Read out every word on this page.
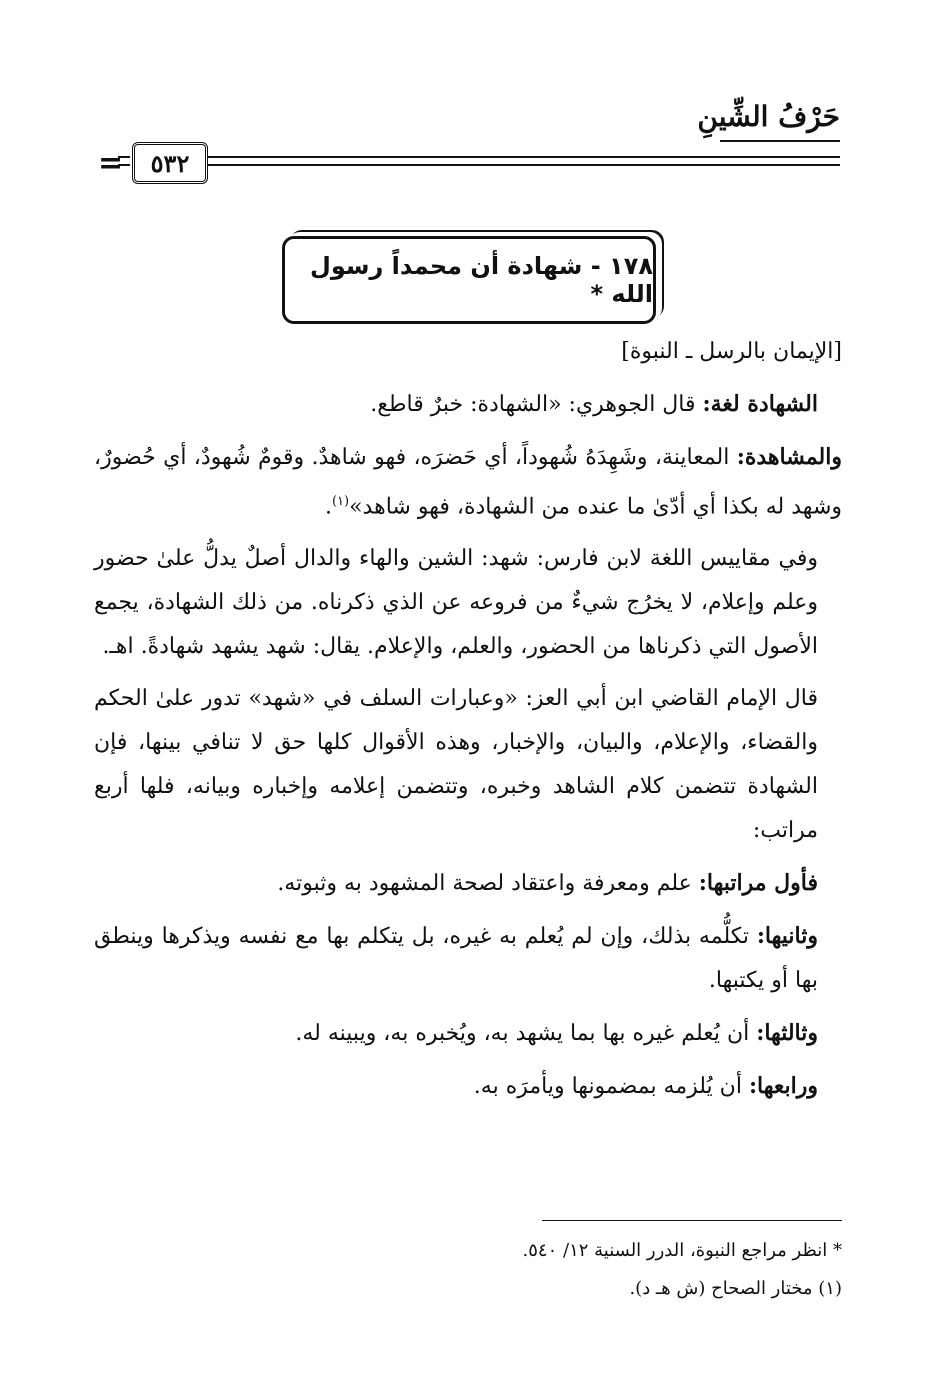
حَرْفُ الشِّينِ
= ٥٣٢
١٧٨ - شهادة أن محمداً رسول الله *

[الإيمان بالرسل ـ النبوة]

الشهادة لغة: قال الجوهري: «الشهادة: خبرٌ قاطع.

والمشاهدة: المعاينة، وشَهِدَهُ شُهوداً، أي حَضرَه، فهو شاهدٌ. وقومٌ شُهودٌ، أي حُضورٌ، وشهد له بكذا أي أدّىٰ ما عنده من الشهادة، فهو شاهد»$^{(١)}$.

وفي مقاييس اللغة لابن فارس: شهد: الشين والهاء والدال أصلٌ يدلُّ علىٰ حضور وعلم وإعلام، لا يخرُج شيءٌ من فروعه عن الذي ذكرناه. من ذلك الشهادة، يجمع الأصول التي ذكرناها من الحضور، والعلم، والإعلام. يقال: شهد يشهد شهادةً. اهـ.

قال الإمام القاضي ابن أبي العز: «وعبارات السلف في «شهد» تدور علىٰ الحكم والقضاء، والإعلام، والبيان، والإخبار، وهذه الأقوال كلها حق لا تنافي بينها، فإن الشهادة تتضمن كلام الشاهد وخبره، وتتضمن إعلامه وإخباره وبيانه، فلها أربع مراتب:

فأول مراتبها: علم ومعرفة واعتقاد لصحة المشهود به وثبوته.

وثانيها: تكلُّمه بذلك، وإن لم يُعلم به غيره، بل يتكلم بها مع نفسه ويذكرها وينطق بها أو يكتبها.

وثالثها: أن يُعلم غيره بها بما يشهد به، ويُخبره به، ويبينه له.

ورابعها: أن يُلزمه بمضمونها ويأمرَه به.

* انظر مراجع النبوة، الدرر السنية ١٢/ ٥٤٠.
(١) مختار الصحاح (ش هـ د).
